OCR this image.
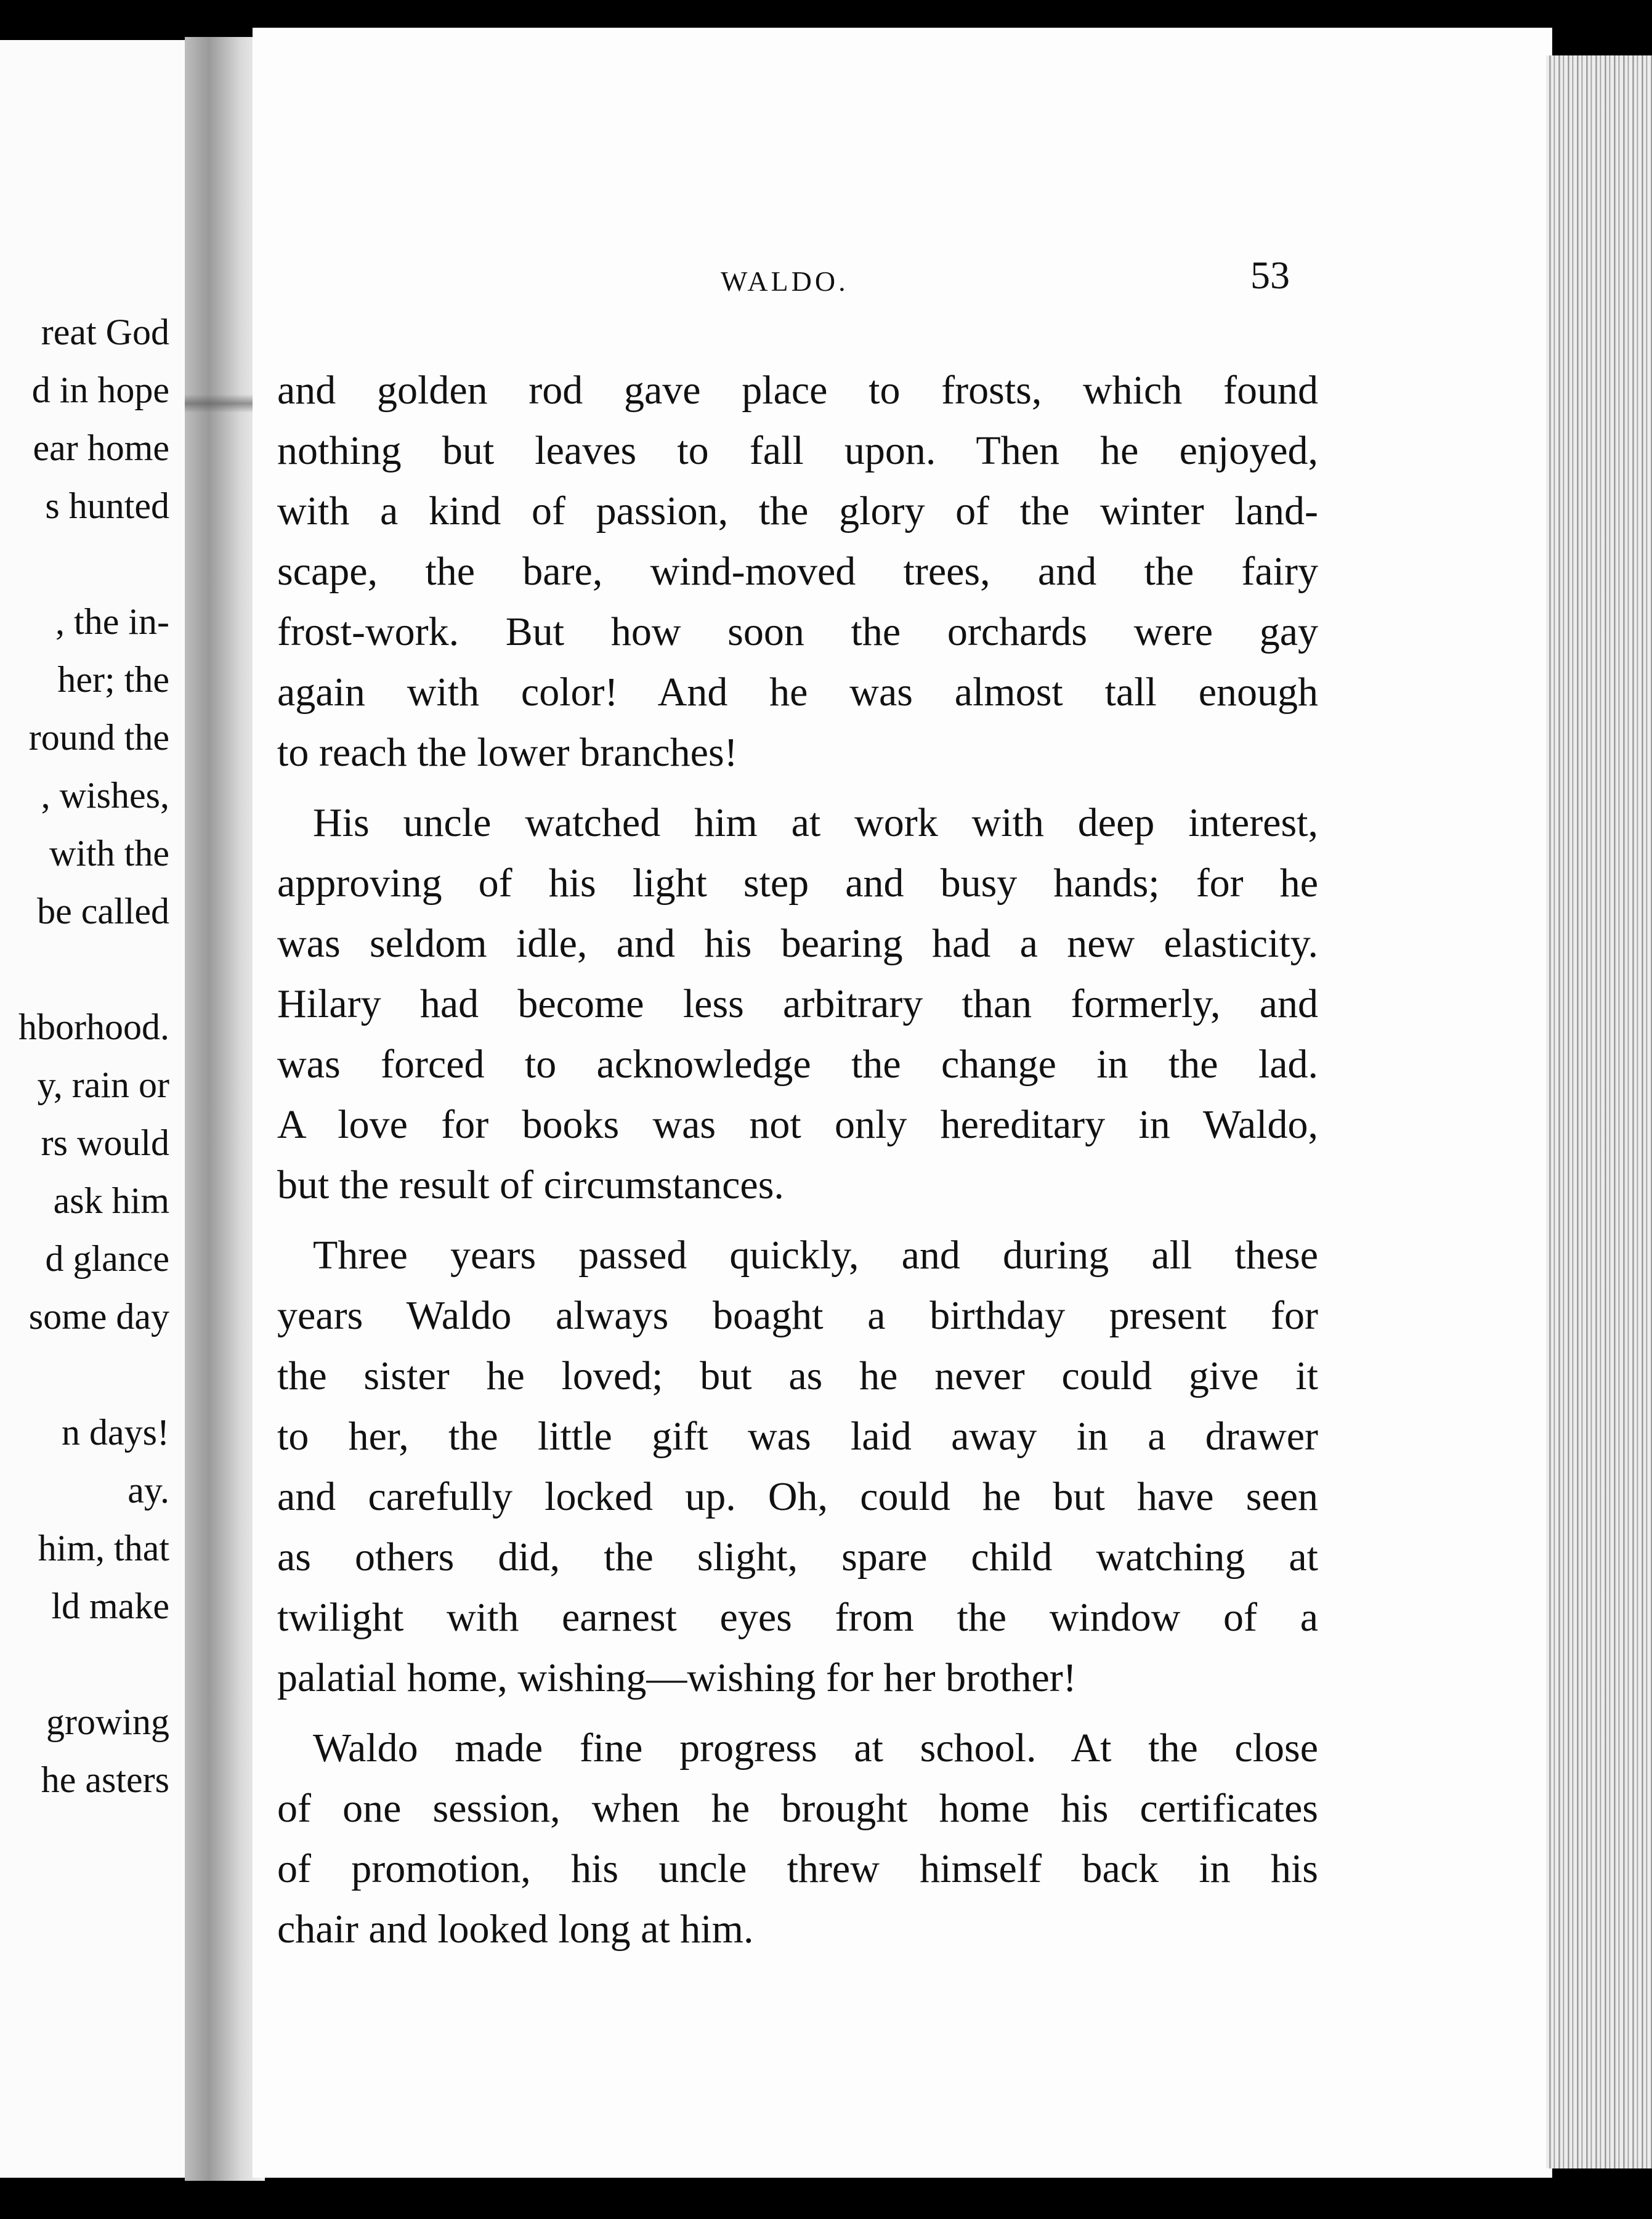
reat God
d in hope
ear home
s hunted
, the in-
her; the
round the
, wishes,
with the
be called
hborhood.
y, rain or
rs would
ask him
d glance
some day
n days!
ay.
him, that
ld make
growing
he asters
WALDO.	53
and golden rod gave place to frosts, which found
nothing but leaves to fall upon. Then he enjoyed,
with a kind of passion, the glory of the winter land-
scape, the bare, wind-moved trees, and the fairy
frost-work. But how soon the orchards were gay
again with color! And he was almost tall enough
to reach the lower branches!
His uncle watched him at work with deep interest,
approving of his light step and busy hands; for he
was seldom idle, and his bearing had a new elasticity.
Hilary had become less arbitrary than formerly, and
was forced to acknowledge the change in the lad.
A love for books was not only hereditary in Waldo,
but the result of circumstances.
Three years passed quickly, and during all these
years Waldo always boaght a birthday present for
the sister he loved; but as he never could give it
to her, the little gift was laid away in a drawer
and carefully locked up. Oh, could he but have seen
as others did, the slight, spare child watching at
twilight with earnest eyes from the window of a
palatial home, wishing—wishing for her brother!
Waldo made fine progress at school. At the close
of one session, when he brought home his certificates
of promotion, his uncle threw himself back in his
chair and looked long at him.
